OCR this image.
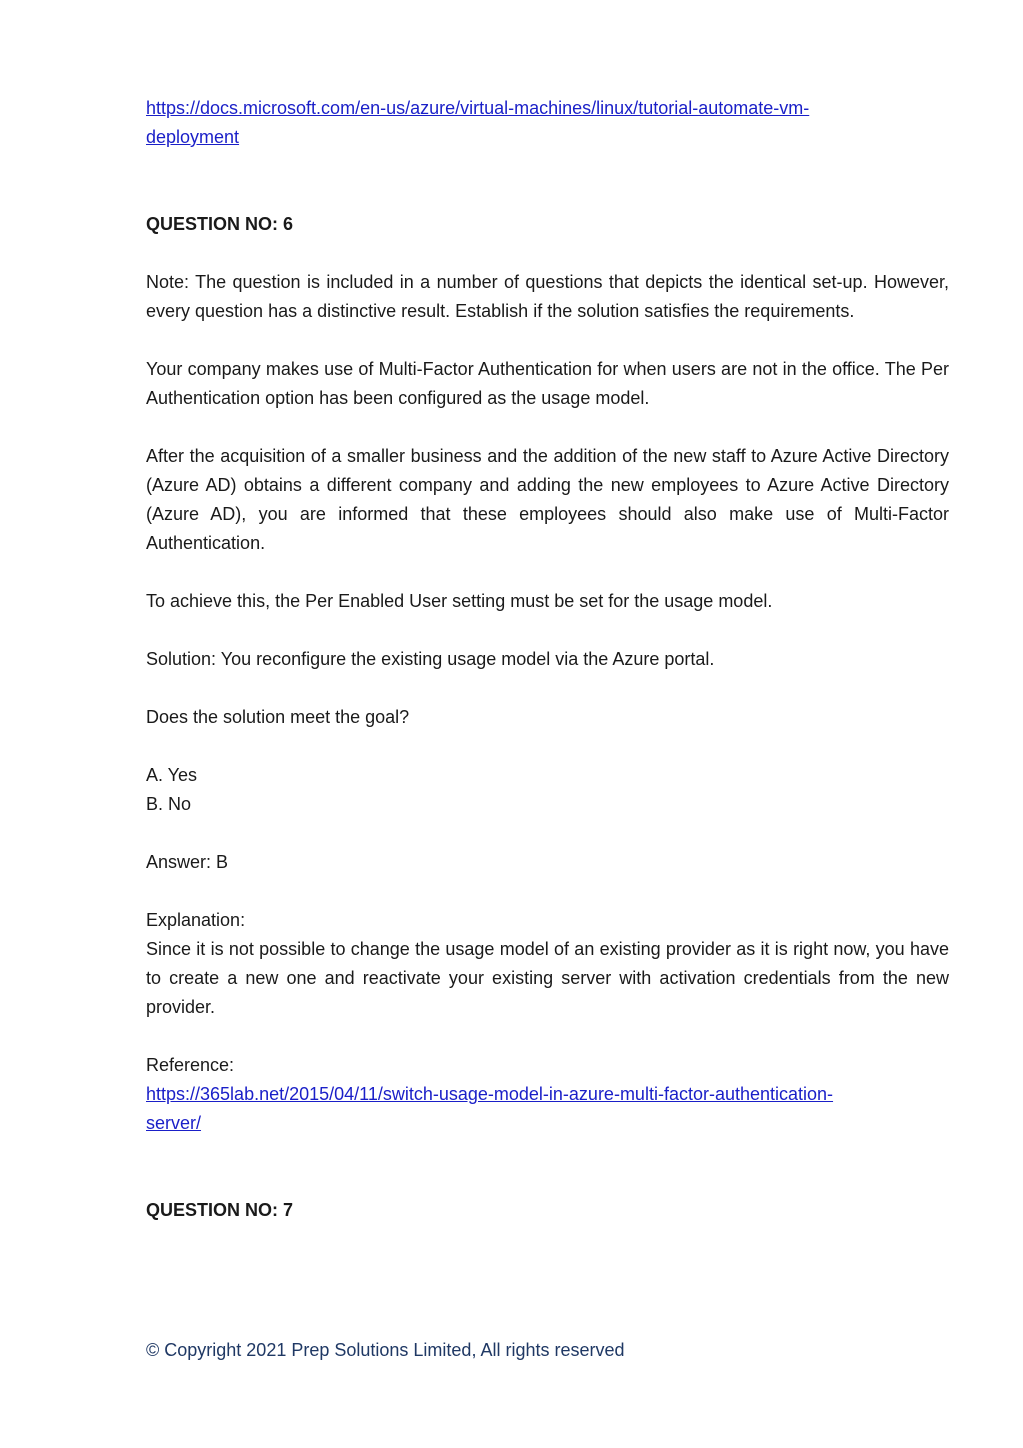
https://docs.microsoft.com/en-us/azure/virtual-machines/linux/tutorial-automate-vm-
deployment

QUESTION NO: 6

Note: The question is included in a number of questions that depicts the identical set-up. However, every question has a distinctive result. Establish if the solution satisfies the requirements.

Your company makes use of Multi-Factor Authentication for when users are not in the office. The Per Authentication option has been configured as the usage model.

After the acquisition of a smaller business and the addition of the new staff to Azure Active Directory (Azure AD) obtains a different company and adding the new employees to Azure Active Directory (Azure AD), you are informed that these employees should also make use of Multi-Factor Authentication.

To achieve this, the Per Enabled User setting must be set for the usage model.

Solution: You reconfigure the existing usage model via the Azure portal.

Does the solution meet the goal?

A. Yes

B. No

Answer: B

Explanation:

Since it is not possible to change the usage model of an existing provider as it is right now, you have to create a new one and reactivate your existing server with activation credentials from the new provider.

Reference:

https://365lab.net/2015/04/11/switch-usage-model-in-azure-multi-factor-authentication-
server/

QUESTION NO: 7

© Copyright 2021 Prep Solutions Limited, All rights reserved
